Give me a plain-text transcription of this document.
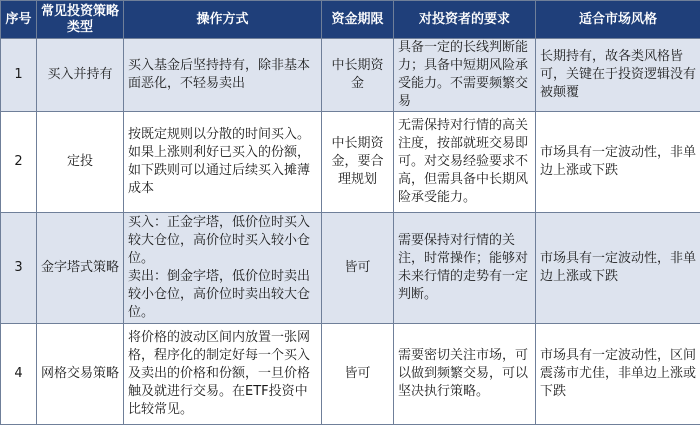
序号	常见投资策略类型	操作方式	资金期限	对投资者的要求	适合市场风格
1	买入并持有	买入基金后坚持持有，除非基本面恶化，不轻易卖出	中长期资金	具备一定的长线判断能力；具备中短期风险承受能力。不需要频繁交易	长期持有，故各类风格皆可，关键在于投资逻辑没有被颠覆
2	定投	按既定规则以分散的时间买入。如果上涨则利好已买入的份额，如下跌则可以通过后续买入摊薄成本	中长期资金，要合理规划	无需保持对行情的高关注度，按部就班交易即可。对交易经验要求不高，但需具备中长期风险承受能力。	市场具有一定波动性，非单边上涨或下跌
3	金字塔式策略	买入：正金字塔，低价位时买入较大仓位，高价位时买入较小仓位。
卖出：倒金字塔，低价位时卖出较小仓位，高价位时卖出较大仓位。	皆可	需要保持对行情的关注，时常操作；能够对未来行情的走势有一定判断。	市场具有一定波动性，非单边上涨或下跌
4	网格交易策略	将价格的波动区间内放置一张网格，程序化的制定好每一个买入及卖出的价格和份额，一旦价格触及就进行交易。在ETF投资中比较常见。	皆可	需要密切关注市场，可以做到频繁交易，可以坚决执行策略。	市场具有一定波动性，区间震荡市尤佳，非单边上涨或下跌
